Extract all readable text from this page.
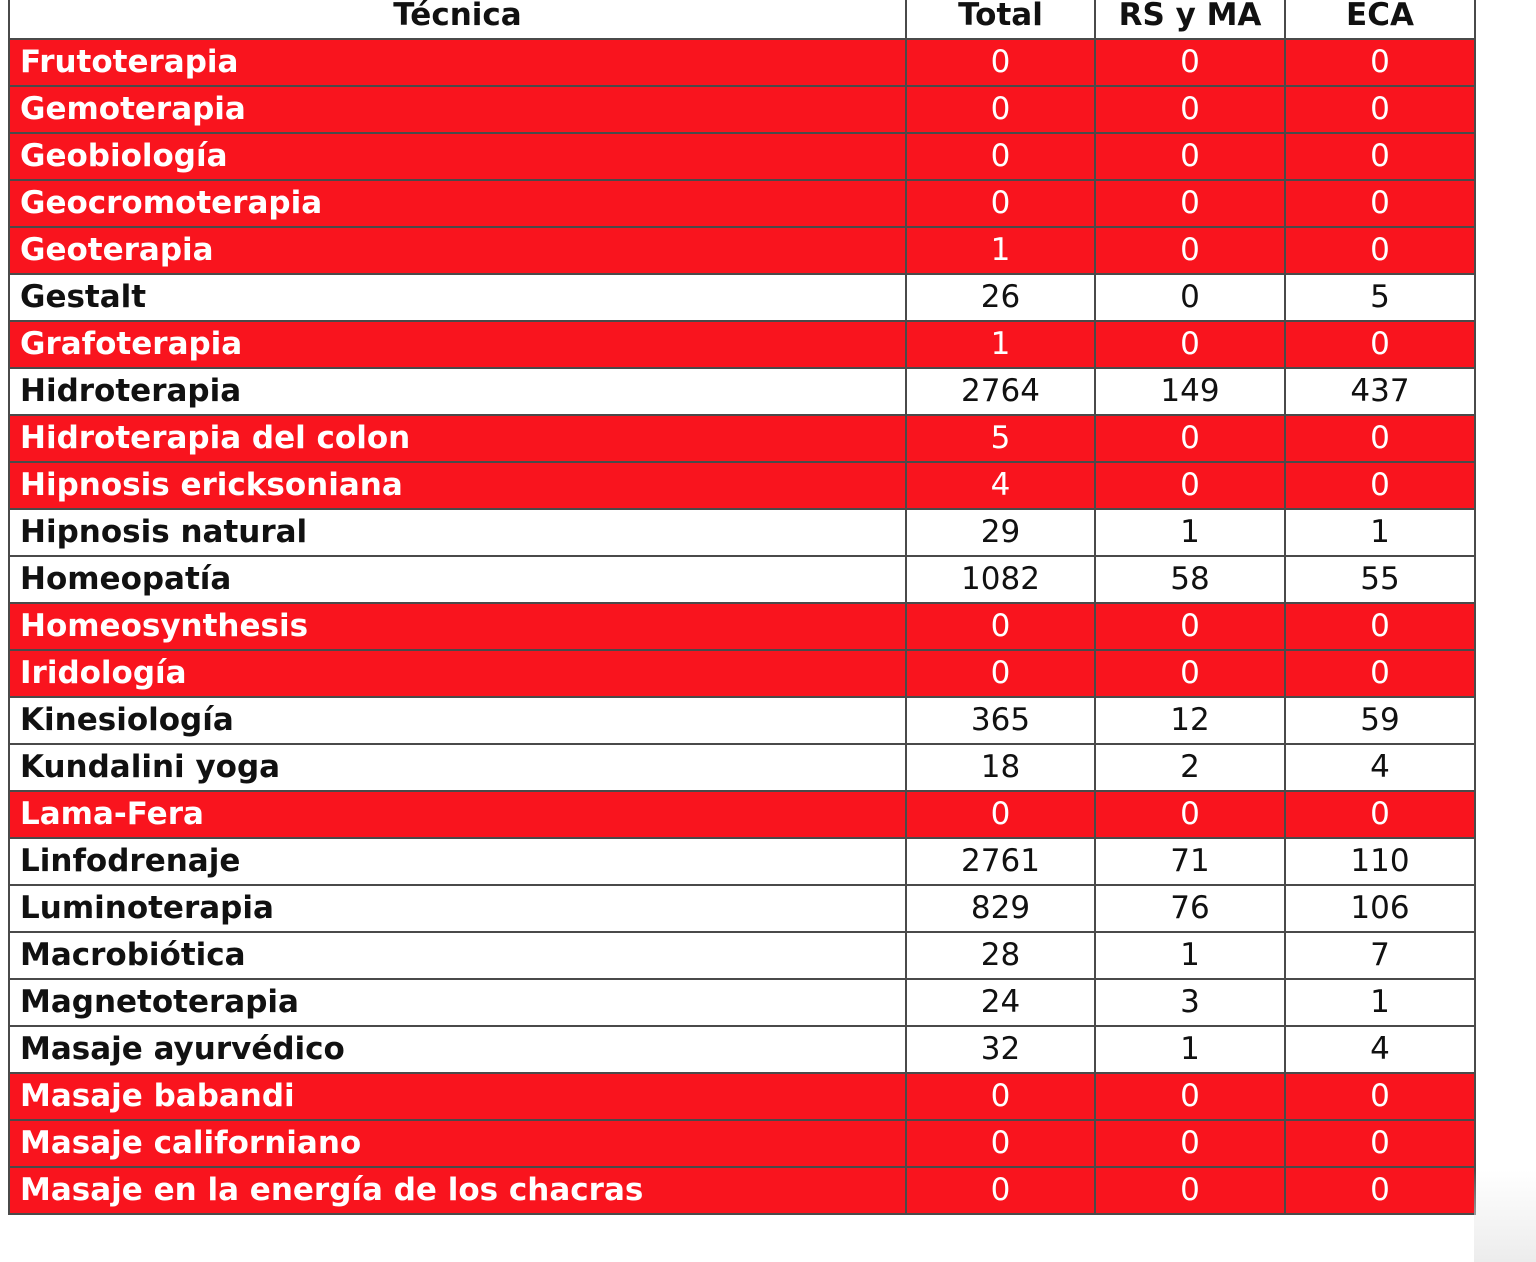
Técnica	Total	RS y MA	ECA
Frutoterapia	0	0	0
Gemoterapia	0	0	0
Geobiología	0	0	0
Geocromoterapia	0	0	0
Geoterapia	1	0	0
Gestalt	26	0	5
Grafoterapia	1	0	0
Hidroterapia	2764	149	437
Hidroterapia del colon	5	0	0
Hipnosis ericksoniana	4	0	0
Hipnosis natural	29	1	1
Homeopatía	1082	58	55
Homeosynthesis	0	0	0
Iridología	0	0	0
Kinesiología	365	12	59
Kundalini yoga	18	2	4
Lama-Fera	0	0	0
Linfodrenaje	2761	71	110
Luminoterapia	829	76	106
Macrobiótica	28	1	7
Magnetoterapia	24	3	1
Masaje ayurvédico	32	1	4
Masaje babandi	0	0	0
Masaje californiano	0	0	0
Masaje en la energía de los chacras	0	0	0
